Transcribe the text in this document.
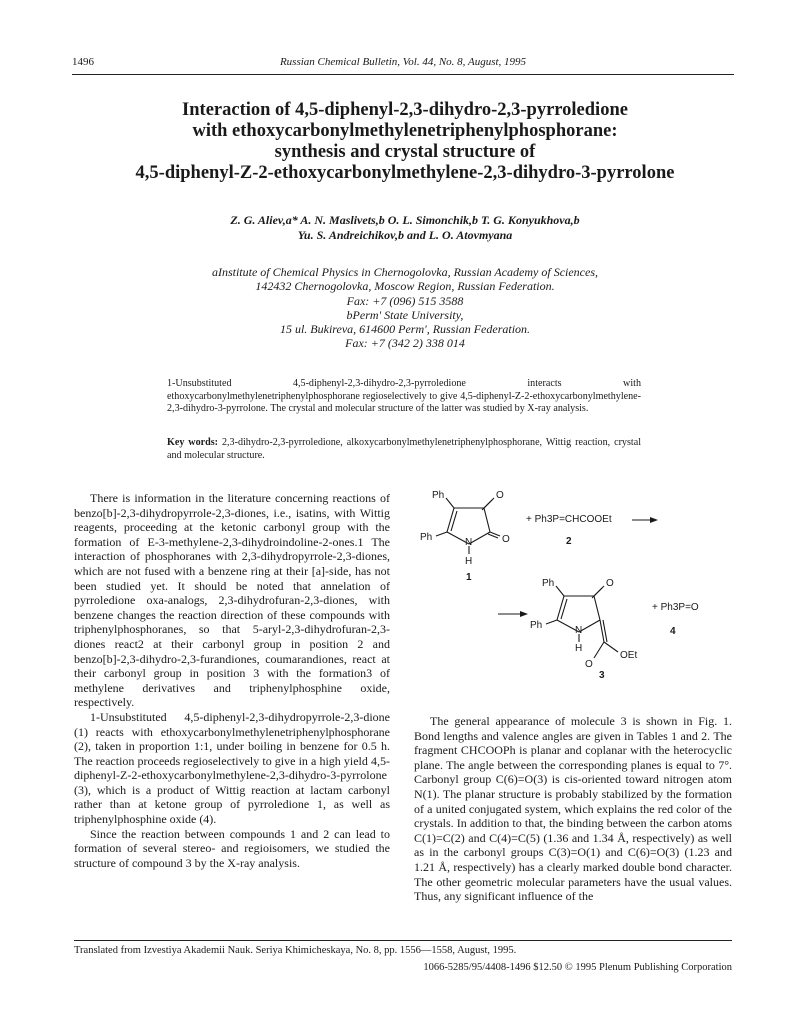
1496	Russian Chemical Bulletin, Vol. 44, No. 8, August, 1995
Interaction of 4,5-diphenyl-2,3-dihydro-2,3-pyrroledione
with ethoxycarbonylmethylenetriphenylphosphorane:
synthesis and crystal structure of
4,5-diphenyl-Z-2-ethoxycarbonylmethylene-2,3-dihydro-3-pyrrolone
Z. G. Aliev,a* A. N. Maslivets,b O. L. Simonchik,b T. G. Konyukhova,b
Yu. S. Andreichikov,b and L. O. Atovmyana
aInstitute of Chemical Physics in Chernogolovka, Russian Academy of Sciences,
142432 Chernogolovka, Moscow Region, Russian Federation.
Fax: +7 (096) 515 3588
bPerm' State University,
15 ul. Bukireva, 614600 Perm', Russian Federation.
Fax: +7 (342 2) 338 014
1-Unsubstituted 4,5-diphenyl-2,3-dihydro-2,3-pyrroledione interacts with ethoxycarbonylmethylenetriphenylphosphorane regioselectively to give 4,5-diphenyl-Z-2-ethoxycarbonylmethylene-2,3-dihydro-3-pyrrolone. The crystal and molecular structure of the latter was studied by X-ray analysis.
Key words: 2,3-dihydro-2,3-pyrroledione, alkoxycarbonylmethylenetriphenylphosphorane, Wittig reaction, crystal and molecular structure.

There is information in the literature concerning reactions of benzo[b]-2,3-dihydropyrrole-2,3-diones, i.e., isatins, with Wittig reagents, proceeding at the ketonic carbonyl group with the formation of E-3-methylene-2,3-dihydroindoline-2-ones.1 The interaction of phosphoranes with 2,3-dihydropyrrole-2,3-diones, which are not fused with a benzene ring at their [a]-side, has not been studied yet. It should be noted that annelation of pyrroledione oxa-analogs, 2,3-dihydrofuran-2,3-diones, with benzene changes the reaction direction of these compounds with triphenylphosphoranes, so that 5-aryl-2,3-dihydrofuran-2,3-diones react2 at their carbonyl group in position 2 and benzo[b]-2,3-dihydro-2,3-furandiones, coumarandiones, react at their carbonyl group in position 3 with the formation3 of methylene derivatives and triphenylphosphine oxide, respectively.

1-Unsubstituted 4,5-diphenyl-2,3-dihydropyrrole-2,3-dione (1) reacts with ethoxycarbonylmethylenetriphenylphosphorane (2), taken in proportion 1:1, under boiling in benzene for 0.5 h. The reaction proceeds regioselectively to give in a high yield 4,5-diphenyl-Z-2-ethoxycarbonylmethylene-2,3-dihydro-3-pyrrolone (3), which is a product of Wittig reaction at lactam carbonyl rather than at ketone group of pyrroledione 1, as well as triphenylphosphine oxide (4).

Since the reaction between compounds 1 and 2 can lead to formation of several stereo- and regioisomers, we studied the structure of compound 3 by the X-ray analysis.

Ph	O
Ph	N	O
H
1
+ Ph3P=CHCOOEt
2
Ph	O
Ph	N
H
O
OEt
3
+ Ph3P=O
4

The general appearance of molecule 3 is shown in Fig. 1. Bond lengths and valence angles are given in Tables 1 and 2. The fragment CHCOOPh is planar and coplanar with the heterocyclic plane. The angle between the corresponding planes is equal to 7°. Carbonyl group C(6)=O(3) is cis-oriented toward nitrogen atom N(1). The planar structure is probably stabilized by the formation of a united conjugated system, which explains the red color of the crystals. In addition to that, the binding between the carbon atoms C(1)=C(2) and C(4)=C(5) (1.36 and 1.34 Å, respectively) as well as in the carbonyl groups C(3)=O(1) and C(6)=O(3) (1.23 and 1.21 Å, respectively) has a clearly marked double bond character. The other geometric molecular parameters have the usual values. Thus, any significant influence of the

Translated from Izvestiya Akademii Nauk. Seriya Khimicheskaya, No. 8, pp. 1556—1558, August, 1995.
1066-5285/95/4408-1496 $12.50 © 1995 Plenum Publishing Corporation
